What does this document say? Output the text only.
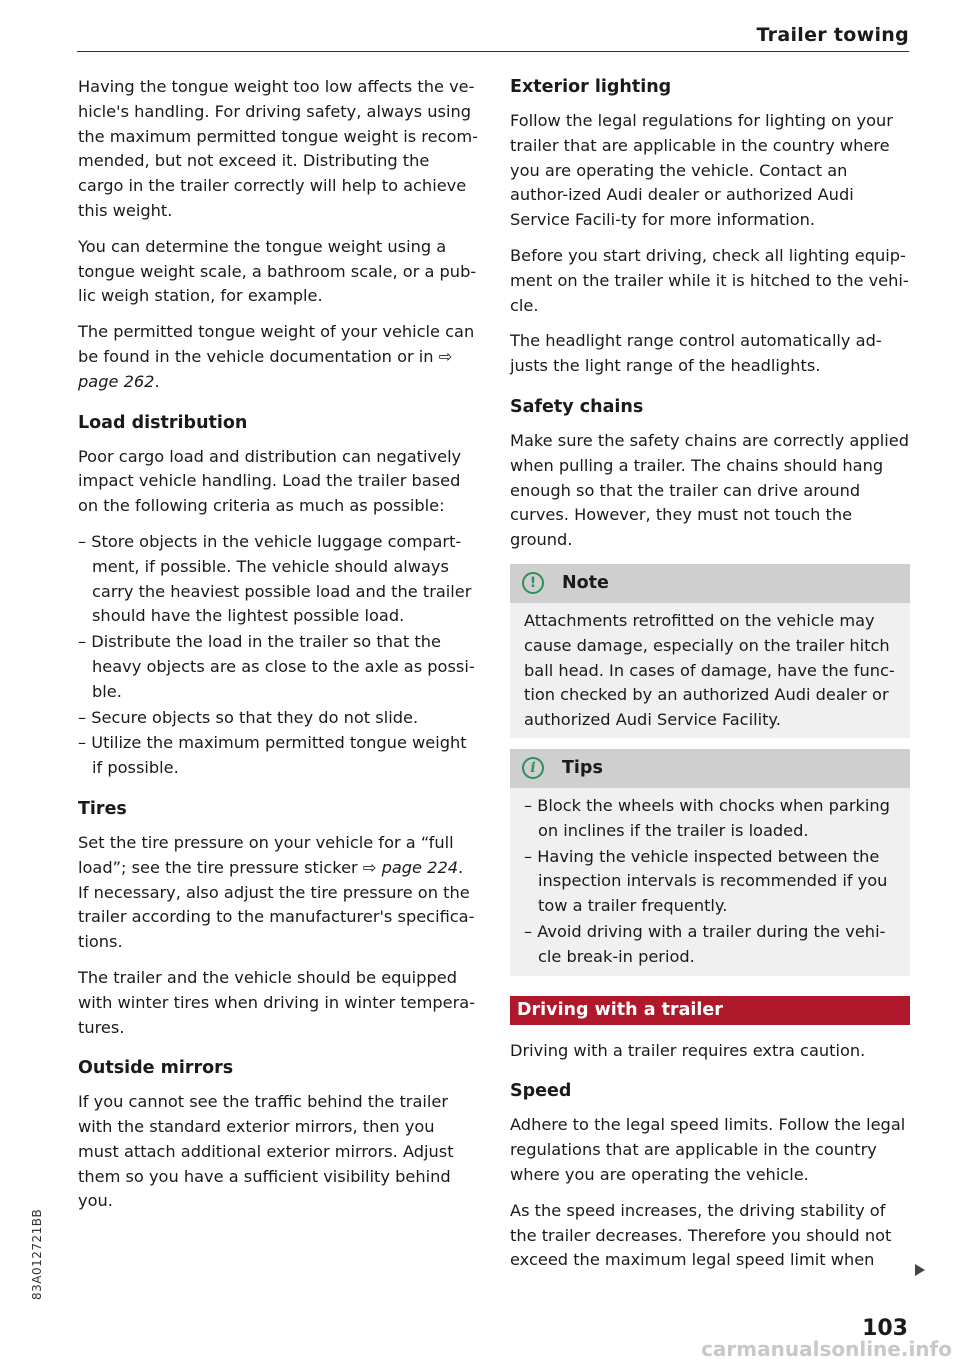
Trailer towing

Having the tongue weight too low affects the ve-hicle's handling. For driving safety, always using the maximum permitted tongue weight is recom-mended, but not exceed it. Distributing the cargo in the trailer correctly will help to achieve this weight.

You can determine the tongue weight using a tongue weight scale, a bathroom scale, or a pub-lic weigh station, for example.

The permitted tongue weight of your vehicle can be found in the vehicle documentation or in ⇨ page 262.

Load distribution

Poor cargo load and distribution can negatively impact vehicle handling. Load the trailer based on the following criteria as much as possible:

– Store objects in the vehicle luggage compart-ment, if possible. The vehicle should always carry the heaviest possible load and the trailer should have the lightest possible load.
– Distribute the load in the trailer so that the heavy objects are as close to the axle as possi-ble.
– Secure objects so that they do not slide.
– Utilize the maximum permitted tongue weight if possible.
Tires

Set the tire pressure on your vehicle for a “full load”; see the tire pressure sticker ⇨ page 224. If necessary, also adjust the tire pressure on the trailer according to the manufacturer's specifica-tions.

The trailer and the vehicle should be equipped with winter tires when driving in winter tempera-tures.

Outside mirrors

If you cannot see the traffic behind the trailer with the standard exterior mirrors, then you must attach additional exterior mirrors. Adjust them so you have a sufficient visibility behind you.

Exterior lighting

Follow the legal regulations for lighting on your trailer that are applicable in the country where you are operating the vehicle. Contact an author-ized Audi dealer or authorized Audi Service Facili-ty for more information.

Before you start driving, check all lighting equip-ment on the trailer while it is hitched to the vehi-cle.

The headlight range control automatically ad-justs the light range of the headlights.

Safety chains

Make sure the safety chains are correctly applied when pulling a trailer. The chains should hang enough so that the trailer can drive around curves. However, they must not touch the ground.

!	Note

Attachments retrofitted on the vehicle may cause damage, especially on the trailer hitch ball head. In cases of damage, have the func-tion checked by an authorized Audi dealer or authorized Audi Service Facility.

i	Tips
– Block the wheels with chocks when parking on inclines if the trailer is loaded.
– Having the vehicle inspected between the inspection intervals is recommended if you tow a trailer frequently.
– Avoid driving with a trailer during the vehi-cle break-in period.
Driving with a trailer

Driving with a trailer requires extra caution.

Speed

Adhere to the legal speed limits. Follow the legal regulations that are applicable in the country where you are operating the vehicle.

As the speed increases, the driving stability of the trailer decreases. Therefore you should not exceed the maximum legal speed limit when

103
83A012721BB
carmanualsonline.info
